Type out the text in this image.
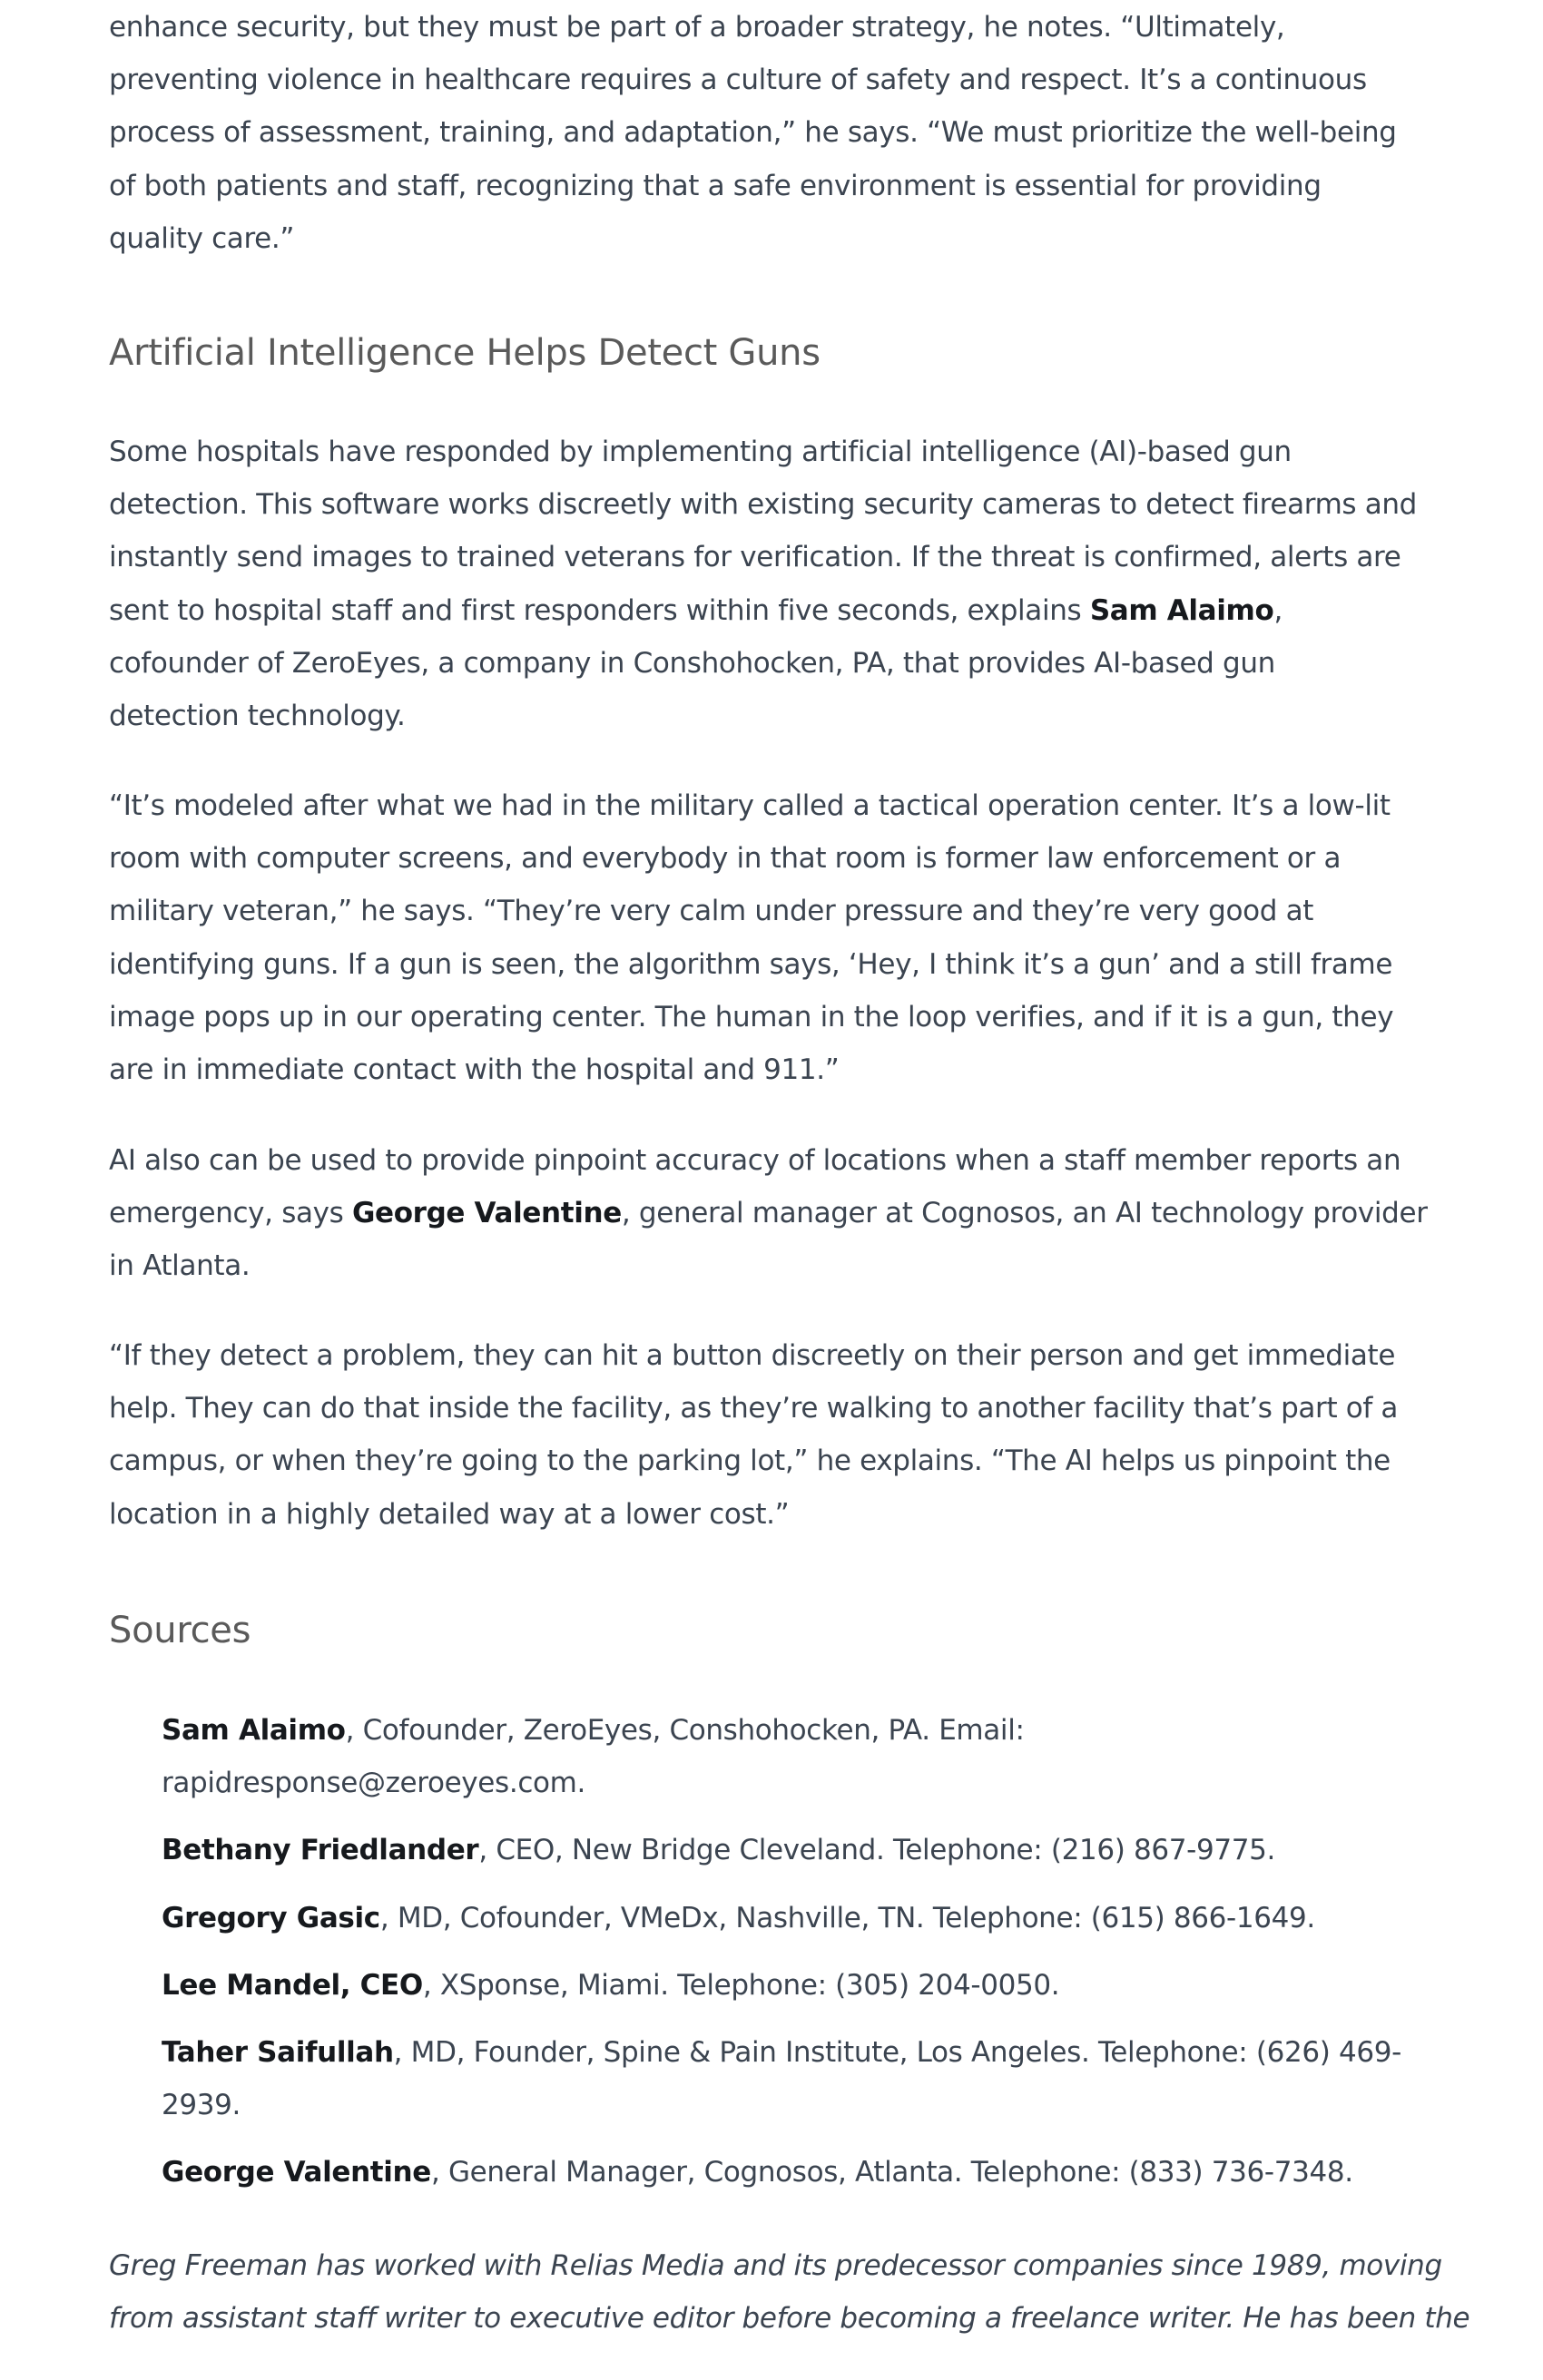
enhance security, but they must be part of a broader strategy, he notes. “Ultimately,
preventing violence in healthcare requires a culture of safety and respect. It’s a continuous
process of assessment, training, and adaptation,” he says. “We must prioritize the well-being
of both patients and staff, recognizing that a safe environment is essential for providing
quality care.”

Artificial Intelligence Helps Detect Guns

Some hospitals have responded by implementing artificial intelligence (AI)-based gun
detection. This software works discreetly with existing security cameras to detect firearms and
instantly send images to trained veterans for verification. If the threat is confirmed, alerts are
sent to hospital staff and first responders within five seconds, explains Sam Alaimo,
cofounder of ZeroEyes, a company in Conshohocken, PA, that provides AI-based gun
detection technology.

“It’s modeled after what we had in the military called a tactical operation center. It’s a low-lit
room with computer screens, and everybody in that room is former law enforcement or a
military veteran,” he says. “They’re very calm under pressure and they’re very good at
identifying guns. If a gun is seen, the algorithm says, ‘Hey, I think it’s a gun’ and a still frame
image pops up in our operating center. The human in the loop verifies, and if it is a gun, they
are in immediate contact with the hospital and 911.”

AI also can be used to provide pinpoint accuracy of locations when a staff member reports an
emergency, says George Valentine, general manager at Cognosos, an AI technology provider
in Atlanta.

“If they detect a problem, they can hit a button discreetly on their person and get immediate
help. They can do that inside the facility, as they’re walking to another facility that’s part of a
campus, or when they’re going to the parking lot,” he explains. “The AI helps us pinpoint the
location in a highly detailed way at a lower cost.”

Sources

Sam Alaimo, Cofounder, ZeroEyes, Conshohocken, PA. Email:
rapidresponse@zeroeyes.com.

Bethany Friedlander, CEO, New Bridge Cleveland. Telephone: (216) 867-9775.

Gregory Gasic, MD, Cofounder, VMeDx, Nashville, TN. Telephone: (615) 866-1649.

Lee Mandel, CEO, XSponse, Miami. Telephone: (305) 204-0050.

Taher Saifullah, MD, Founder, Spine & Pain Institute, Los Angeles. Telephone: (626) 469-
2939.

George Valentine, General Manager, Cognosos, Atlanta. Telephone: (833) 736-7348.

Greg Freeman has worked with Relias Media and its predecessor companies since 1989, moving
from assistant staff writer to executive editor before becoming a freelance writer. He has been the
